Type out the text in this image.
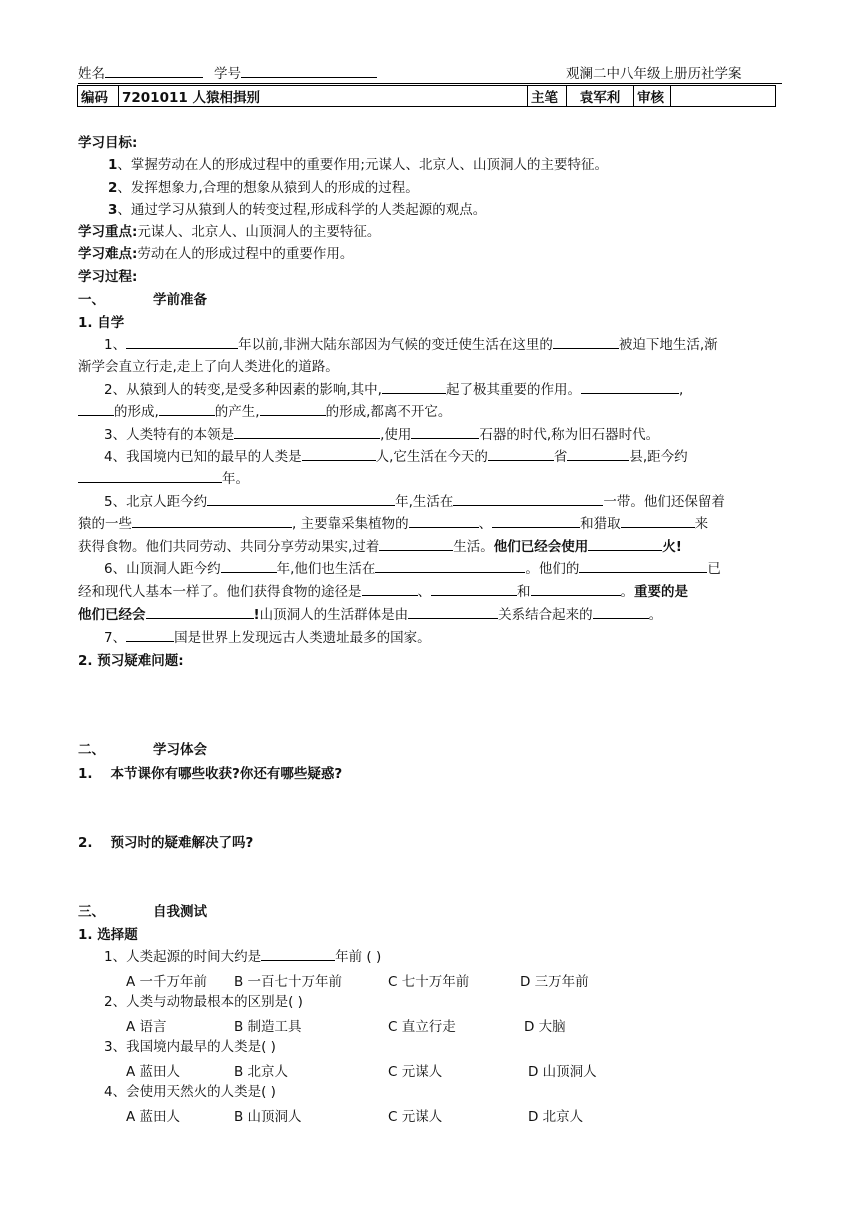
姓名	学号	观澜二中八年级上册历社学案
编码	7201011 人猿相揖别	主笔	袁军利	审核	
学习目标:
1、掌握劳动在人的形成过程中的重要作用;元谋人、北京人、山顶洞人的主要特征。
2、发挥想象力,合理的想象从猿到人的形成的过程。
3、通过学习从猿到人的转变过程,形成科学的人类起源的观点。
学习重点:元谋人、北京人、山顶洞人的主要特征。
学习难点:劳动在人的形成过程中的重要作用。
学习过程:
一、	学前准备
1. 自学
1、	年以前,非洲大陆东部因为气候的变迁使生活在这里的	被迫下地生活,渐
渐学会直立行走,走上了向人类进化的道路。
2、从猿到人的转变,是受多种因素的影响,其中,	起了极其重要的作用。	,
的形成,	的产生,	的形成,都离不开它。
3、人类特有的本领是	,使用	石器的时代,称为旧石器时代。
4、我国境内已知的最早的人类是	人,它生活在今天的	省	县,距今约
年。
5、北京人距今约	年,生活在	一带。他们还保留着
猿的一些	, 主要靠采集植物的	、	和猎取	来
获得食物。他们共同劳动、共同分享劳动果实,过着	生活。他们已经会使用	火!
6、山顶洞人距今约	年,他们也生活在	。他们的	已
经和现代人基本一样了。他们获得食物的途径是	、	和	。重要的是
他们已经会	!山顶洞人的生活群体是由	关系结合起来的	。
7、	国是世界上发现远古人类遗址最多的国家。
2. 预习疑难问题:
二、	学习体会
1. 本节课你有哪些收获?你还有哪些疑惑?
2. 预习时的疑难解决了吗?
三、	自我测试
1. 选择题
1、人类起源的时间大约是	年前 ( )
A 一千万年前 B 一百七十万年前	C 七十万年前	D 三万年前
2、人类与动物最根本的区别是( )
A 语言	B 制造工具	C 直立行走	D 大脑
3、我国境内最早的人类是( )
A 蓝田人	B 北京人	C 元谋人	D 山顶洞人
4、会使用天然火的人类是( )
A 蓝田人	B 山顶洞人	C 元谋人	D 北京人
